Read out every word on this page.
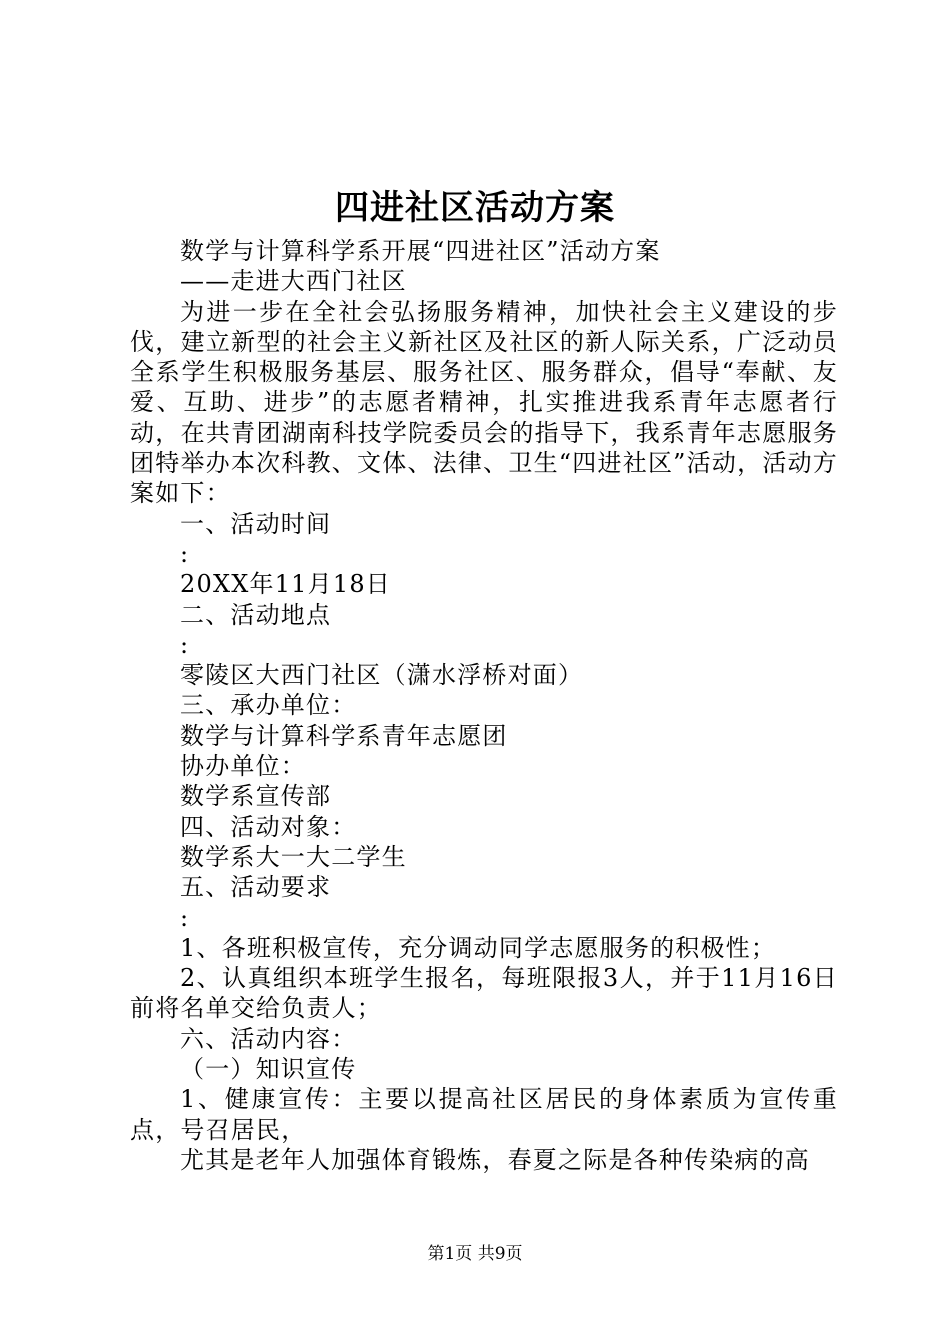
四进社区活动方案

数学与计算科学系开展“四进社区”活动方案

——走进大西门社区

为进一步在全社会弘扬服务精神，加快社会主义建设的步伐，建立新型的社会主义新社区及社区的新人际关系，广泛动员全系学生积极服务基层、服务社区、服务群众，倡导“奉献、友爱、互助、进步”的志愿者精神，扎实推进我系青年志愿者行动，在共青团湖南科技学院委员会的指导下，我系青年志愿服务团特举办本次科教、文体、法律、卫生“四进社区”活动，活动方案如下：

一、活动时间

:

20XX年11月18日

二、活动地点

:

零陵区大西门社区（潇水浮桥对面）

三、承办单位：

数学与计算科学系青年志愿团

协办单位：

数学系宣传部

四、活动对象：

数学系大一大二学生

五、活动要求

:

1、各班积极宣传，充分调动同学志愿服务的积极性；

2、认真组织本班学生报名，每班限报3人，并于11月16日前将名单交给负责人；

六、活动内容：

（一）知识宣传

1、健康宣传：主要以提高社区居民的身体素质为宣传重点，号召居民，

尤其是老年人加强体育锻炼，春夏之际是各种传染病的高

第1页 共9页
